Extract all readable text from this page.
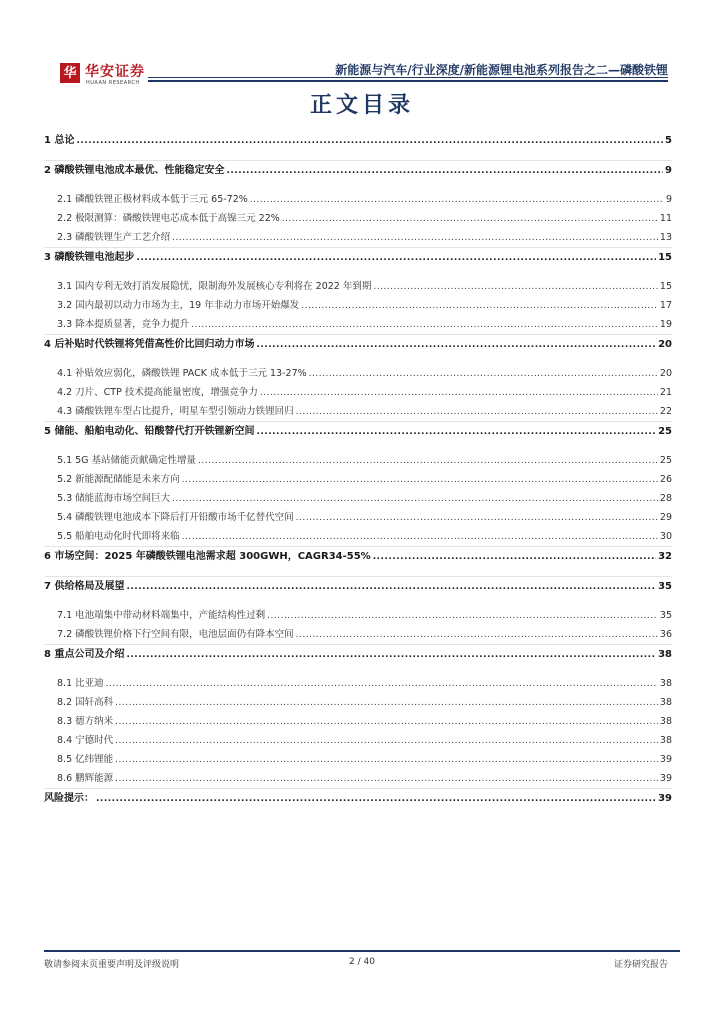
华 华安证券
HUAAN RESEARCH
新能源与汽车/行业深度/新能源锂电池系列报告之二—磷酸铁锂
正文目录
1 总论 .....	5
2 磷酸铁锂电池成本最优、性能稳定安全 .....	9
2.1 磷酸铁锂正极材料成本低于三元 65-72% .....	9
2.2 极限测算：磷酸铁锂电芯成本低于高镍三元 22% .....	11
2.3 磷酸铁锂生产工艺介绍 .....	13
3 磷酸铁锂电池起步 .....	15
3.1 国内专利无效打消发展隐忧，限制海外发展核心专利将在 2022 年到期 .....	15
3.2 国内最初以动力市场为主，19 年非动力市场开始爆发 .....	17
3.3 降本提质显著，竞争力提升 .....	19
4 后补贴时代铁锂将凭借高性价比回归动力市场 .....	20
4.1 补贴效应弱化，磷酸铁锂 PACK 成本低于三元 13-27% .....	20
4.2 刀片、CTP 技术提高能量密度，增强竞争力 .....	21
4.3 磷酸铁锂车型占比提升，明星车型引领动力铁锂回归 .....	22
5 储能、船舶电动化、铅酸替代打开铁锂新空间 .....	25
5.1 5G 基站储能贡献确定性增量 .....	25
5.2 新能源配储能是未来方向 .....	26
5.3 储能蓝海市场空间巨大 .....	28
5.4 磷酸铁锂电池成本下降后打开铅酸市场千亿替代空间 .....	29
5.5 船舶电动化时代即将来临 .....	30
6 市场空间：2025 年磷酸铁锂电池需求超 300GWH，CAGR34-55% .....	32
7 供给格局及展望 .....	35
7.1 电池端集中带动材料端集中，产能结构性过剩 .....	35
7.2 磷酸铁锂价格下行空间有限，电池层面仍有降本空间 .....	36
8 重点公司及介绍 .....	38
8.1 比亚迪 .....	38
8.2 国轩高科 .....	38
8.3 德方纳米 .....	38
8.4 宁德时代 .....	38
8.5 亿纬锂能 .....	39
8.6 鹏辉能源 .....	39
风险提示： .....	39
敬请参阅末页重要声明及评级说明	2 / 40	证券研究报告
